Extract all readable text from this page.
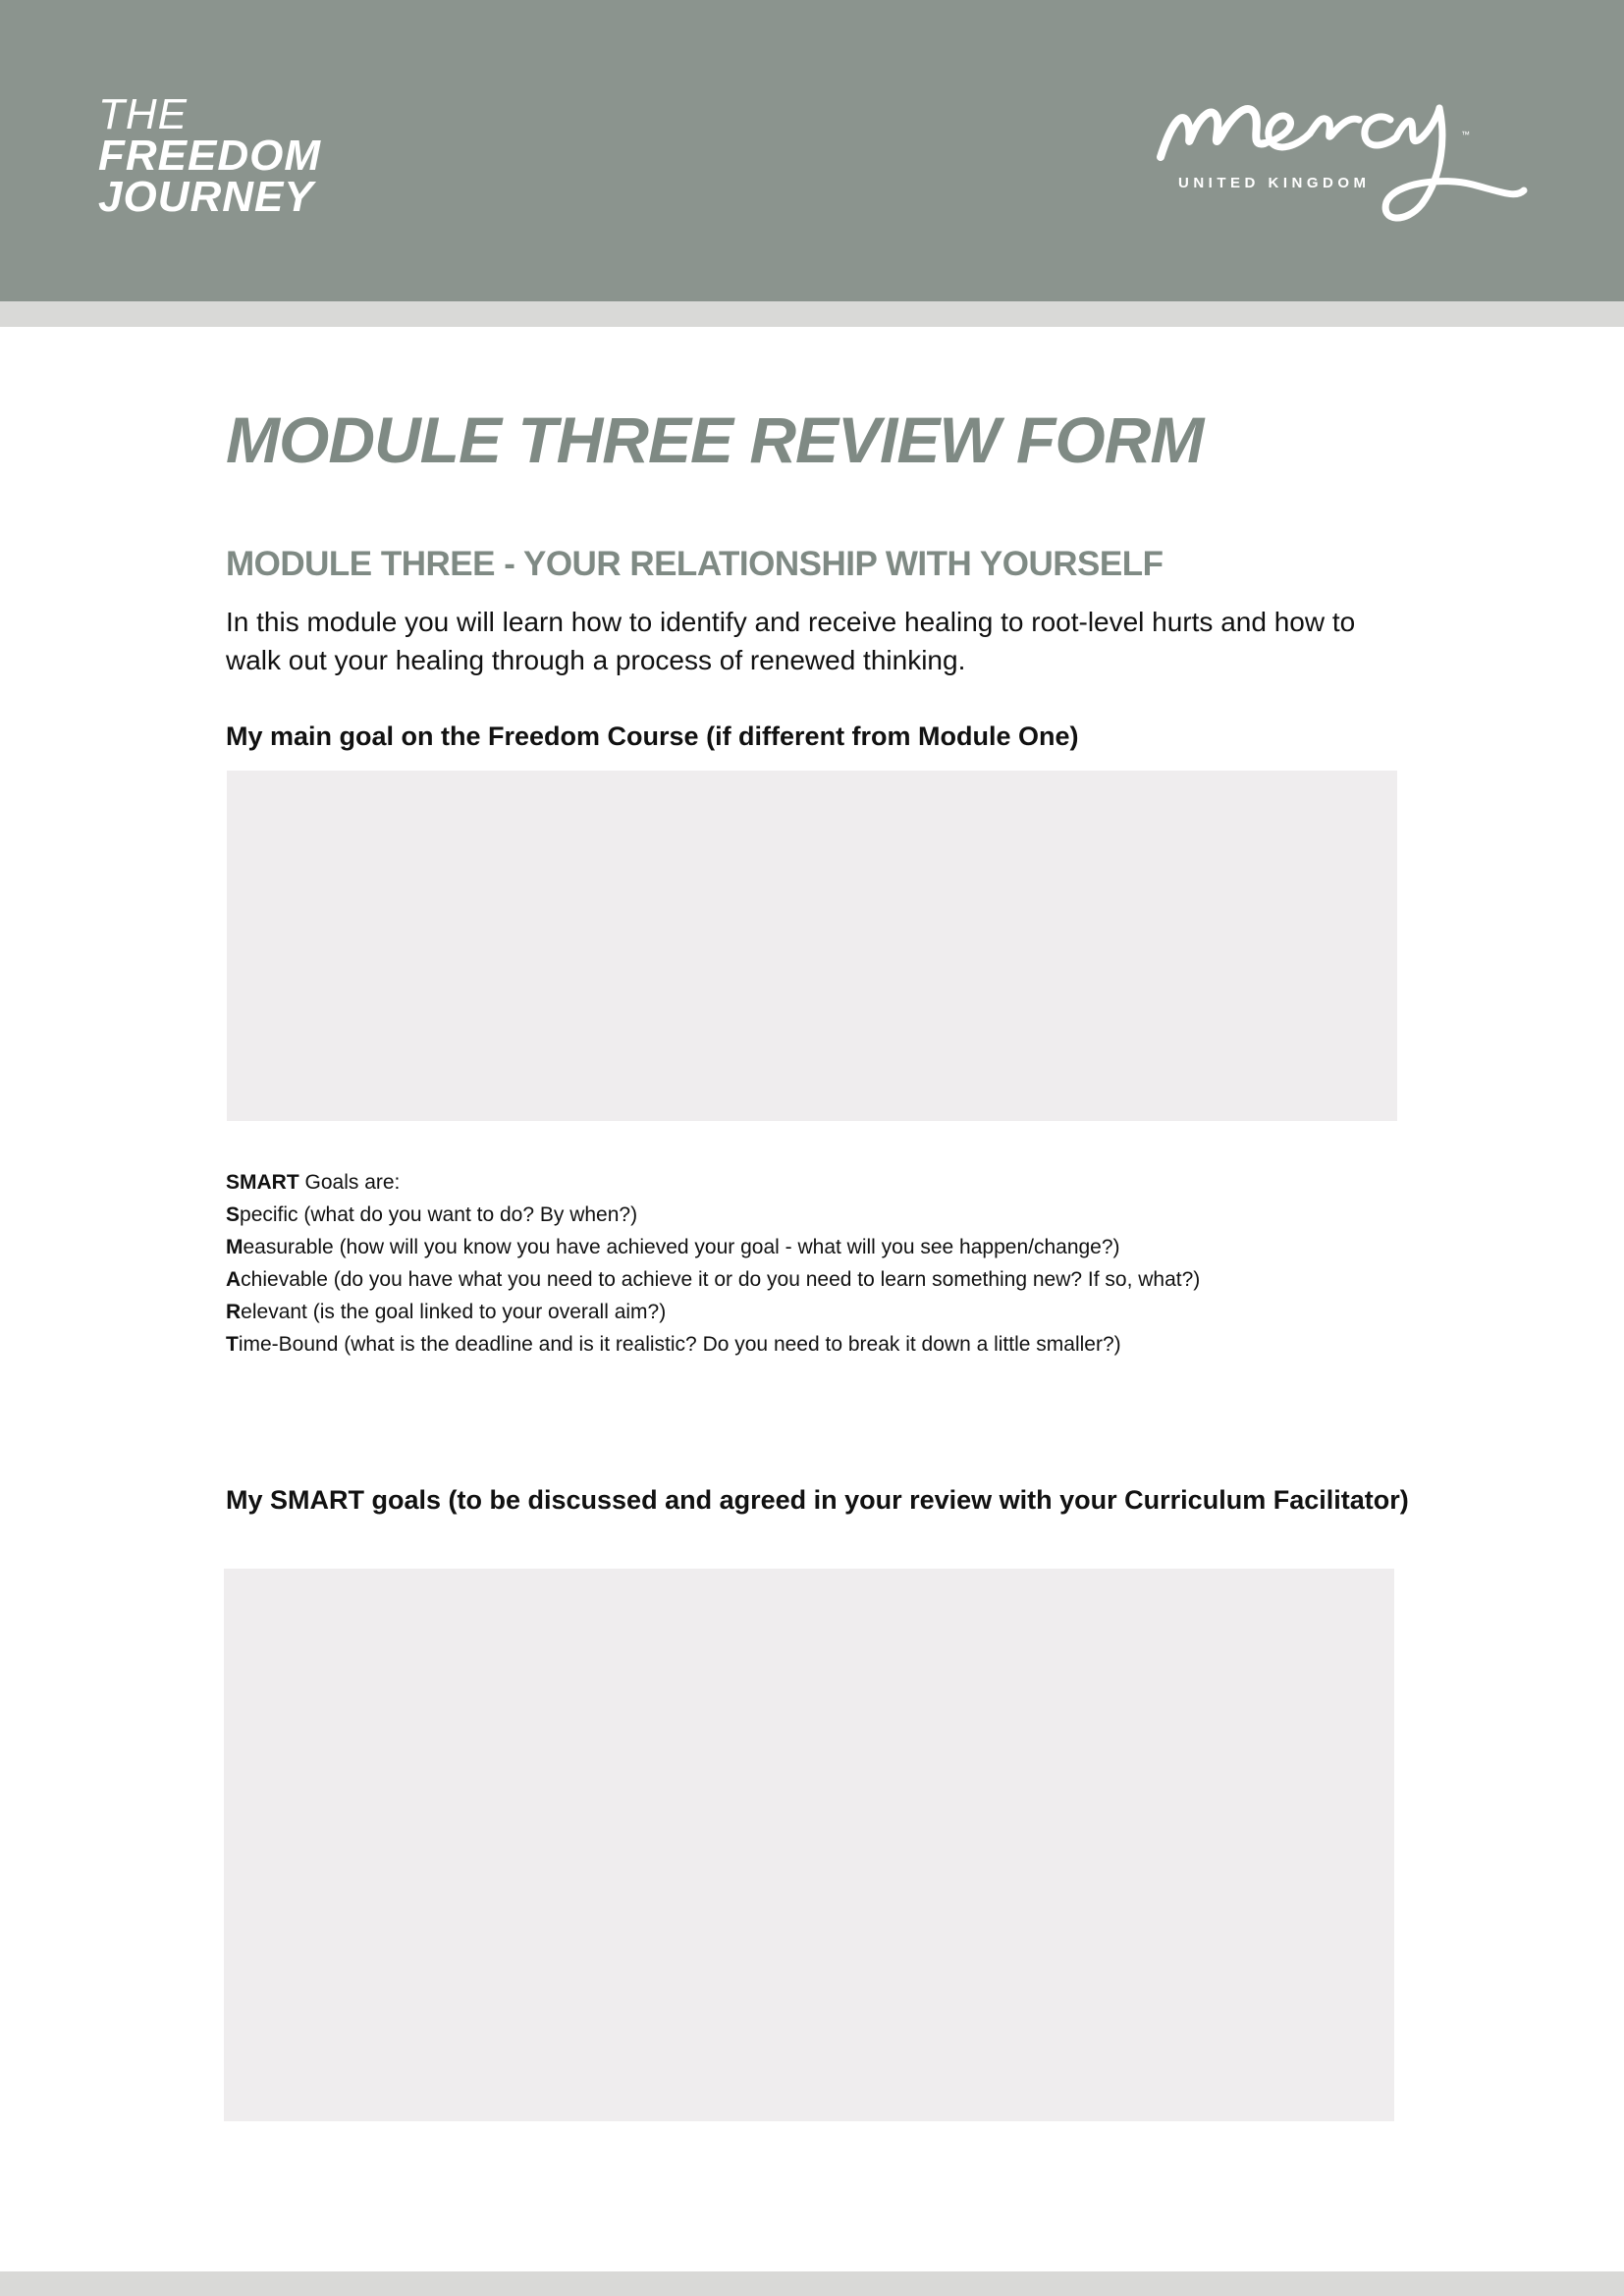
THE
FREEDOM
JOURNEY
™
UNITED KINGDOM
MODULE THREE REVIEW FORM
MODULE THREE - YOUR RELATIONSHIP WITH YOURSELF

In this module you will learn how to identify and receive healing to root-level hurts and how to walk out your healing through a process of renewed thinking.

My main goal on the Freedom Course (if different from Module One)
SMART Goals are:
Specific (what do you want to do? By when?)
Measurable (how will you know you have achieved your goal - what will you see happen/change?)
Achievable (do you have what you need to achieve it or do you need to learn something new? If so, what?)
Relevant (is the goal linked to your overall aim?)
Time-Bound (what is the deadline and is it realistic? Do you need to break it down a little smaller?)
My SMART goals (to be discussed and agreed in your review with your Curriculum Facilitator)
